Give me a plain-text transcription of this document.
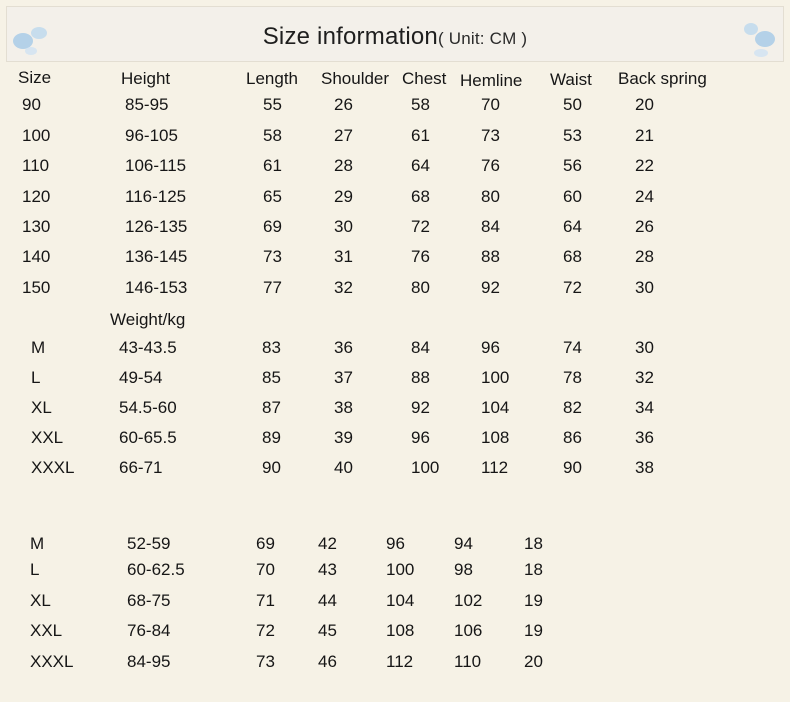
Size information( Unit: CM )
Size	Height	Length Shoulder Chest Hemline Waist Back spring
90	85-95	55	26	58	70	50	20
100	96-105	58	27	61	73	53	21
110	106-115	61	28	64	76	56	22
120	116-125	65	29	68	80	60	24
130	126-135	69	30	72	84	64	26
140	136-145	73	31	76	88	68	28
150	146-153	77	32	80	92	72	30
Weight/kg
M	43-43.5	83	36	84	96	74	30
L	49-54	85	37	88	100	78	32
XL	54.5-60	87	38	92	104	82	34
XXL	60-65.5	89	39	96	108	86	36
XXXL	66-71	90	40	100 112	90	38
M	52-59	69	42	96	94	18
L	60-62.5	70	43	100 98	18
XL	68-75	71	44	104 102 19
XXL	76-84	72	45	108 106 19
XXXL	84-95	73	46	112 110	20
